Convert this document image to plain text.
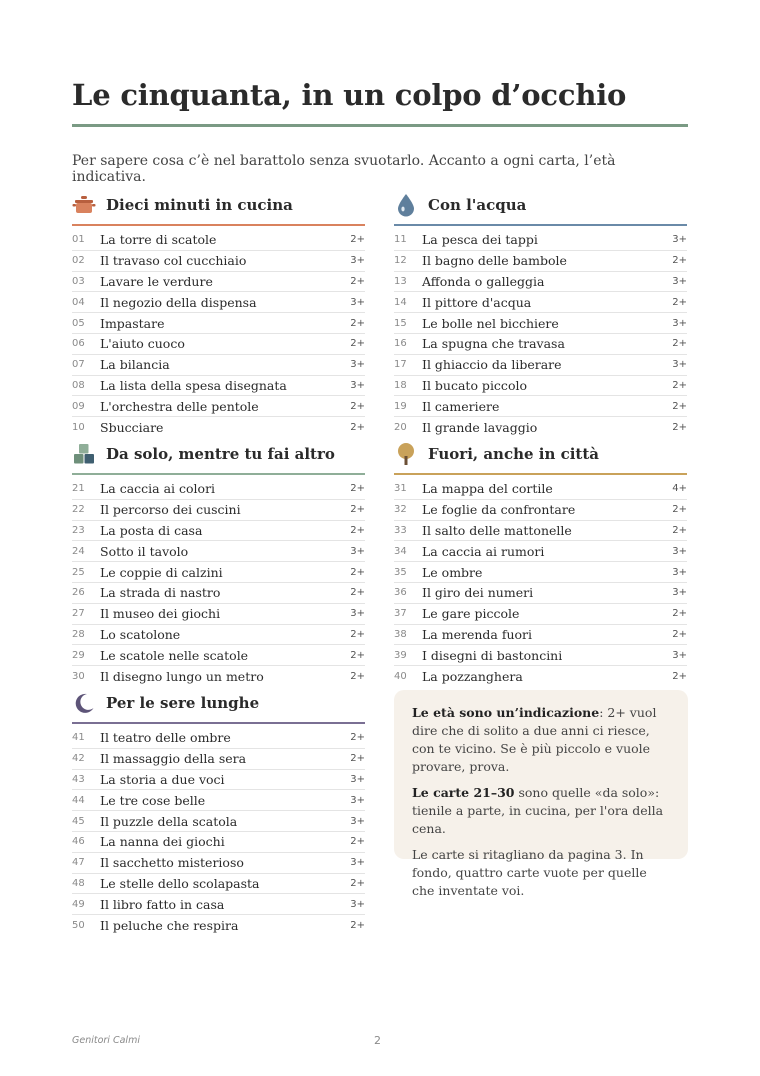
Le cinquanta, in un colpo d’occhio
Per sapere cosa c’è nel barattolo senza svuotarlo. Accanto a ogni carta, l’età indicativa.
Dieci minuti in cucina
01	La torre di scatole	2+
02	Il travaso col cucchiaio	3+
03	Lavare le verdure	2+
04	Il negozio della dispensa	3+
05	Impastare	2+
06	L'aiuto cuoco	2+
07	La bilancia	3+
08	La lista della spesa disegnata	3+
09	L'orchestra delle pentole	2+
10	Sbucciare	2+
Con l'acqua
11	La pesca dei tappi	3+
12	Il bagno delle bambole	2+
13	Affonda o galleggia	3+
14	Il pittore d'acqua	2+
15	Le bolle nel bicchiere	3+
16	La spugna che travasa	2+
17	Il ghiaccio da liberare	3+
18	Il bucato piccolo	2+
19	Il cameriere	2+
20	Il grande lavaggio	2+
Da solo, mentre tu fai altro
21	La caccia ai colori	2+
22	Il percorso dei cuscini	2+
23	La posta di casa	2+
24	Sotto il tavolo	3+
25	Le coppie di calzini	2+
26	La strada di nastro	2+
27	Il museo dei giochi	3+
28	Lo scatolone	2+
29	Le scatole nelle scatole	2+
30	Il disegno lungo un metro	2+
Fuori, anche in città
31	La mappa del cortile	4+
32	Le foglie da confrontare	2+
33	Il salto delle mattonelle	2+
34	La caccia ai rumori	3+
35	Le ombre	3+
36	Il giro dei numeri	3+
37	Le gare piccole	2+
38	La merenda fuori	2+
39	I disegni di bastoncini	3+
40	La pozzanghera	2+
Per le sere lunghe
41	Il teatro delle ombre	2+
42	Il massaggio della sera	2+
43	La storia a due voci	3+
44	Le tre cose belle	3+
45	Il puzzle della scatola	3+
46	La nanna dei giochi	2+
47	Il sacchetto misterioso	3+
48	Le stelle dello scolapasta	2+
49	Il libro fatto in casa	3+
50	Il peluche che respira	2+

Le età sono un’indicazione: 2+ vuol dire che di solito a due anni ci riesce, con te vicino. Se è più piccolo e vuole provare, prova.

Le carte 21–30 sono quelle «da solo»: tienile a parte, in cucina, per l'ora della cena.

Le carte si ritagliano da pagina 3. In fondo, quattro carte vuote per quelle che inventate voi.

Genitori Calmi	2
